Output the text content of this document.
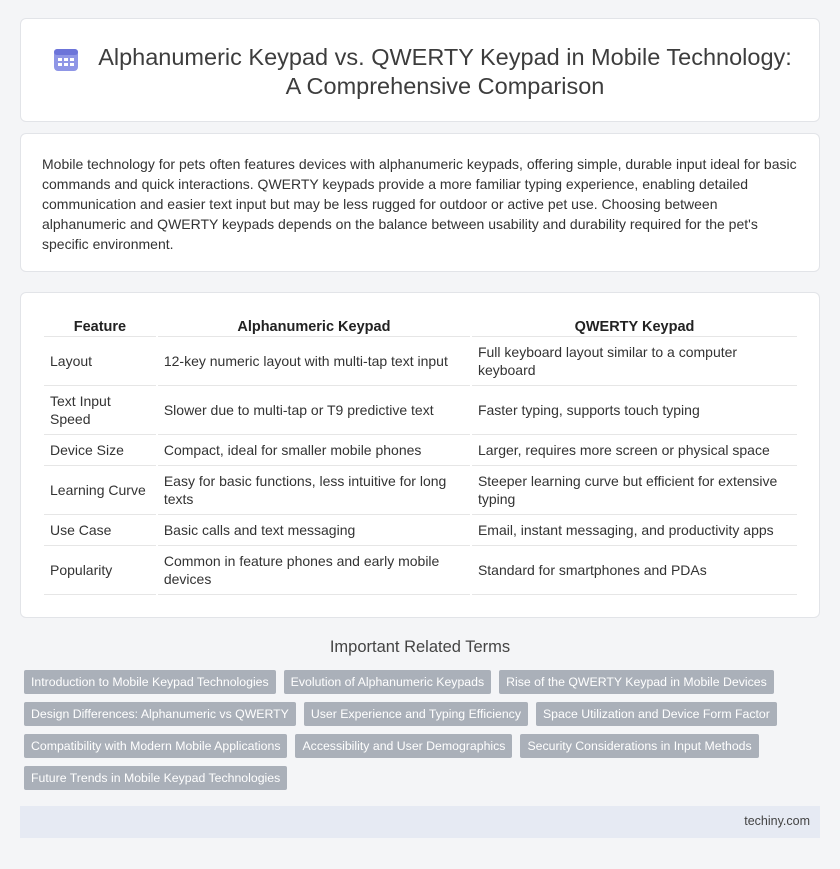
Alphanumeric Keypad vs. QWERTY Keypad in Mobile Technology: A Comprehensive Comparison

Mobile technology for pets often features devices with alphanumeric keypads, offering simple, durable input ideal for basic commands and quick interactions. QWERTY keypads provide a more familiar typing experience, enabling detailed communication and easier text input but may be less rugged for outdoor or active pet use. Choosing between alphanumeric and QWERTY keypads depends on the balance between usability and durability required for the pet's specific environment.

Feature	Alphanumeric Keypad	QWERTY Keypad
Layout	12-key numeric layout with multi-tap text input	Full keyboard layout similar to a computer keyboard
Text Input Speed	Slower due to multi-tap or T9 predictive text	Faster typing, supports touch typing
Device Size	Compact, ideal for smaller mobile phones	Larger, requires more screen or physical space
Learning Curve	Easy for basic functions, less intuitive for long texts	Steeper learning curve but efficient for extensive typing
Use Case	Basic calls and text messaging	Email, instant messaging, and productivity apps
Popularity	Common in feature phones and early mobile devices	Standard for smartphones and PDAs
Important Related Terms
Introduction to Mobile Keypad Technologies	Evolution of Alphanumeric Keypads	Rise of the QWERTY Keypad in Mobile Devices
Design Differences: Alphanumeric vs QWERTY	User Experience and Typing Efficiency	Space Utilization and Device Form Factor
Compatibility with Modern Mobile Applications	Accessibility and User Demographics	Security Considerations in Input Methods
Future Trends in Mobile Keypad Technologies
techiny.com
